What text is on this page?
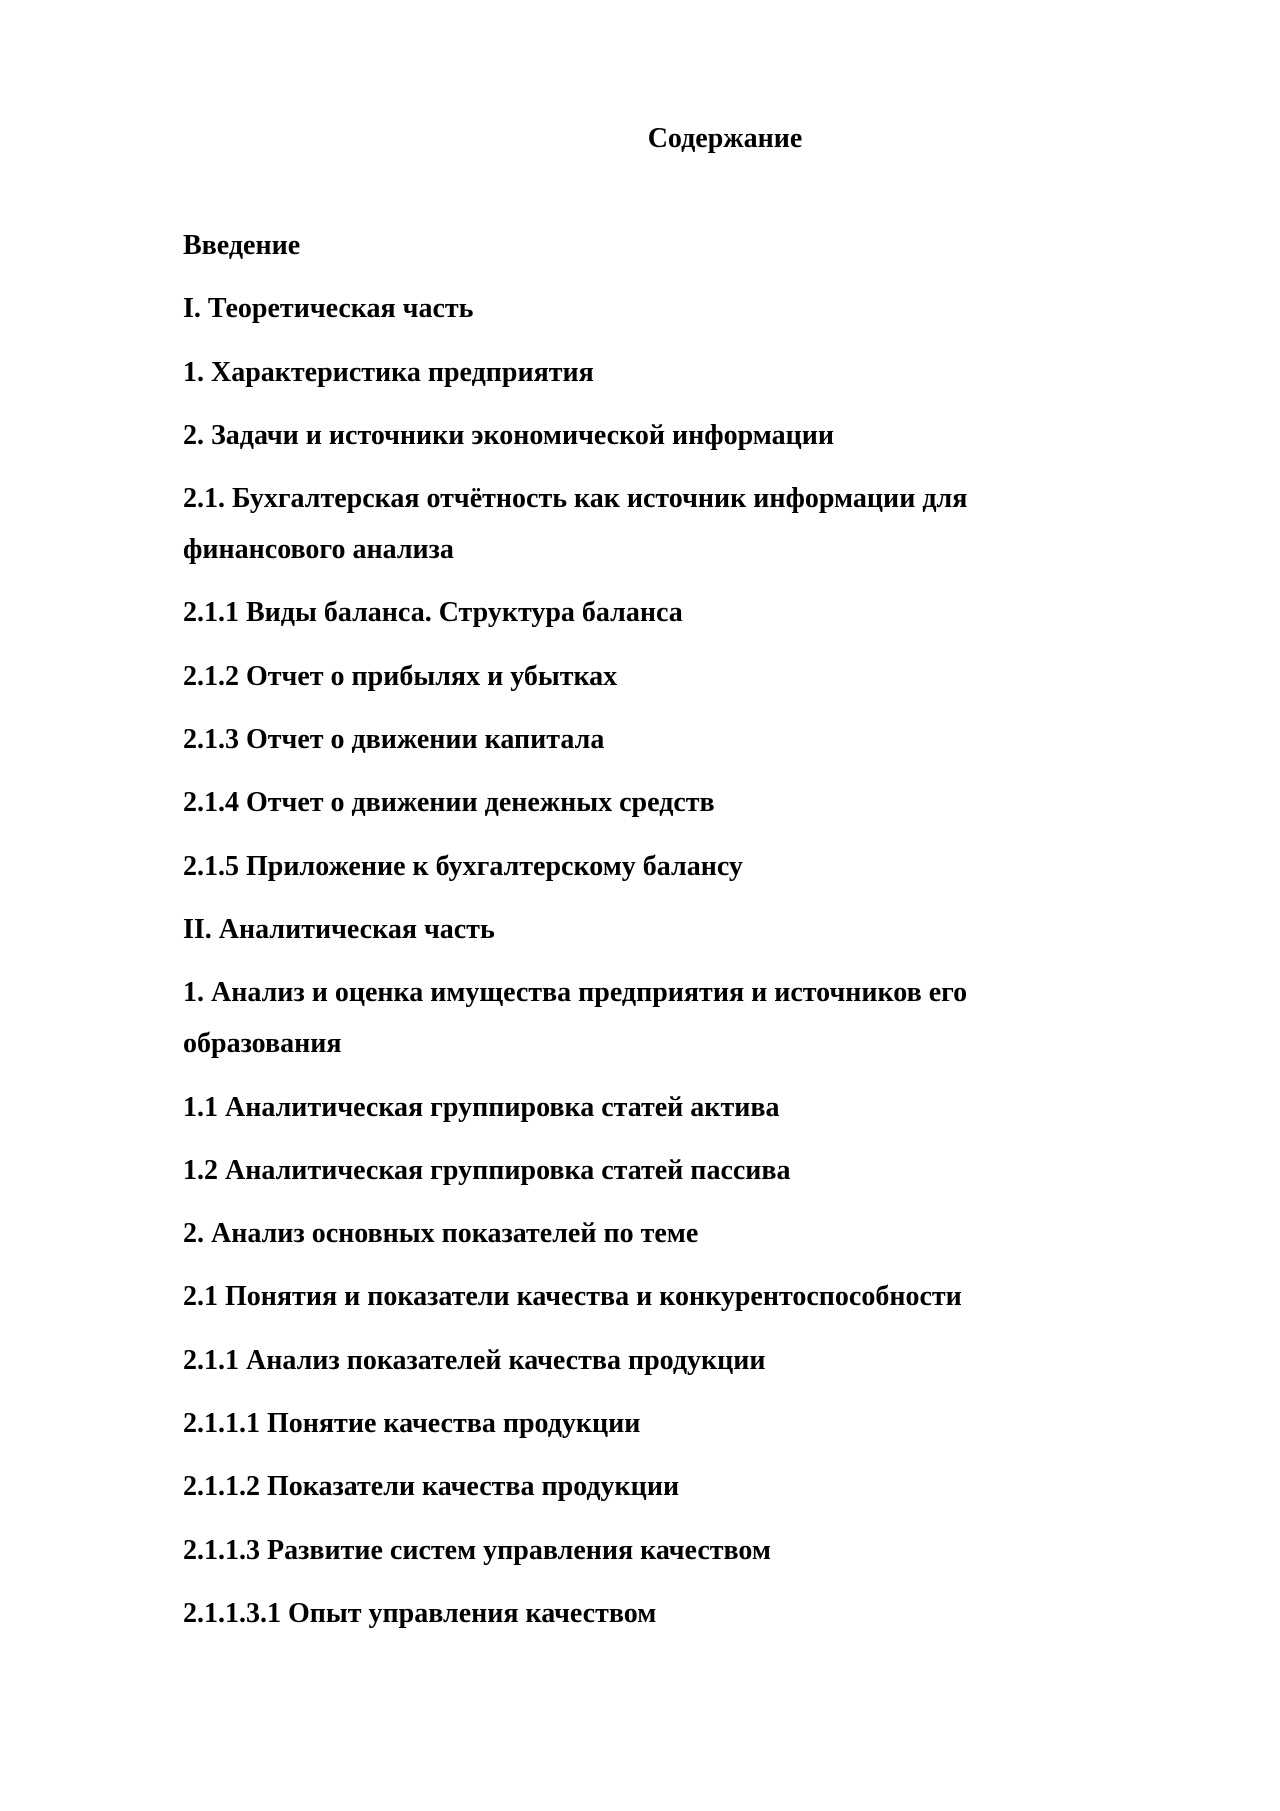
Содержание
Введение
I. Теоретическая часть
1. Характеристика предприятия
2. Задачи и источники экономической информации
2.1. Бухгалтерская отчётность как источник информации для финансового анализа
2.1.1 Виды баланса. Структура баланса
2.1.2 Отчет о прибылях и убытках
2.1.3 Отчет о движении капитала
2.1.4 Отчет о движении денежных средств
2.1.5 Приложение к бухгалтерскому балансу
II. Аналитическая часть
1. Анализ и оценка имущества предприятия и источников его образования
1.1 Аналитическая группировка статей актива
1.2 Аналитическая группировка статей пассива
2. Анализ основных показателей по теме
2.1 Понятия и показатели качества и конкурентоспособности
2.1.1 Анализ показателей качества продукции
2.1.1.1 Понятие качества продукции
2.1.1.2 Показатели качества продукции
2.1.1.3 Развитие систем управления качеством
2.1.1.3.1 Опыт управления качеством
